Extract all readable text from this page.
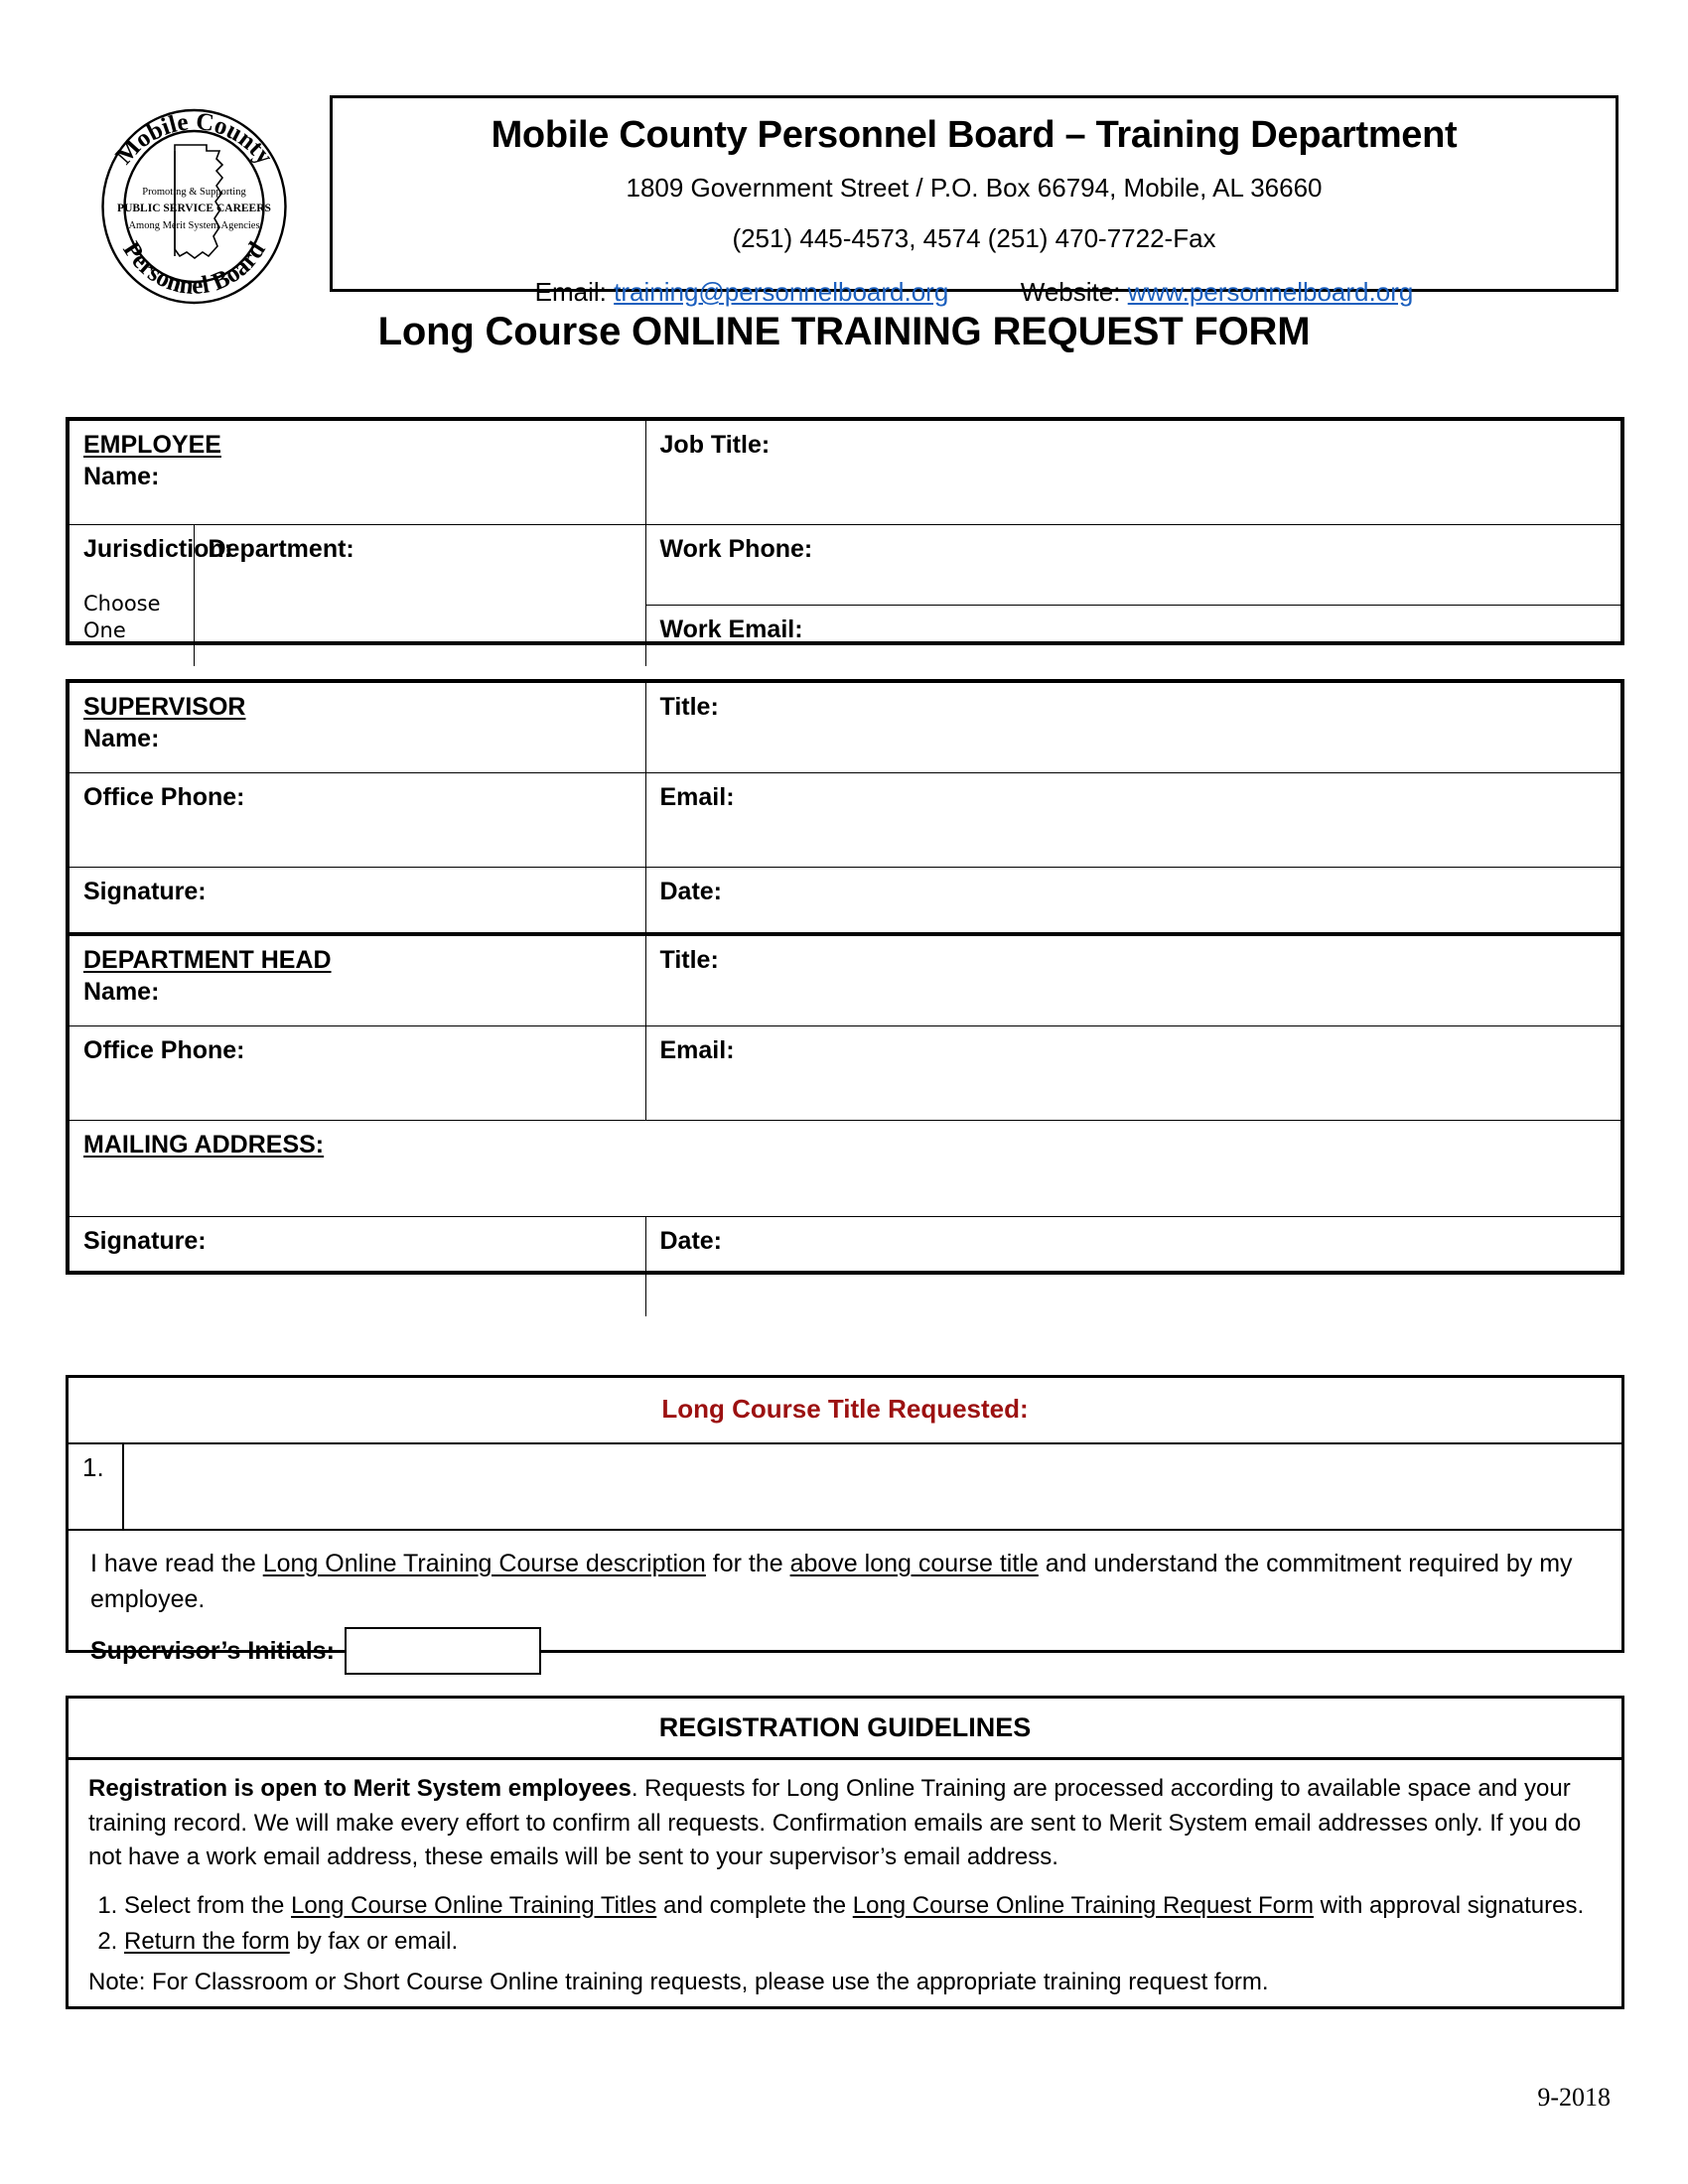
Mobile County
Personnel Board
Promoting & Supporting
PUBLIC SERVICE CAREERS
Among Merit System Agencies
Mobile County Personnel Board – Training Department
1809 Government Street / P.O. Box 66794, Mobile, AL 36660
(251) 445-4573, 4574 (251) 470-7722-Fax
Email: training@personnelboard.org	Website: www.personnelboard.org
Long Course ONLINE TRAINING REQUEST FORM
EMPLOYEE
Name:		Job Title:
Jurisdiction:
Choose One	Department:	Work Phone:
		Work Email:
SUPERVISOR
Name:	Title:
Office Phone:	Email:
Signature:	Date:
DEPARTMENT HEAD
Name:	Title:
Office Phone:	Email:
MAILING ADDRESS:	
Signature:	Date:
Long Course Title Requested:
1.
I have read the Long Online Training Course description for the above long course title and understand the commitment required by my employee.
Supervisor’s Initials:
REGISTRATION GUIDELINES

Registration is open to Merit System employees. Requests for Long Online Training are processed according to available space and your training record. We will make every effort to confirm all requests. Confirmation emails are sent to Merit System email addresses only. If you do not have a work email address, these emails will be sent to your supervisor’s email address.

1. Select from the Long Course Online Training Titles and complete the Long Course Online Training Request Form with approval signatures.
2. Return the form by fax or email.
Note: For Classroom or Short Course Online training requests, please use the appropriate training request form.
9-2018
